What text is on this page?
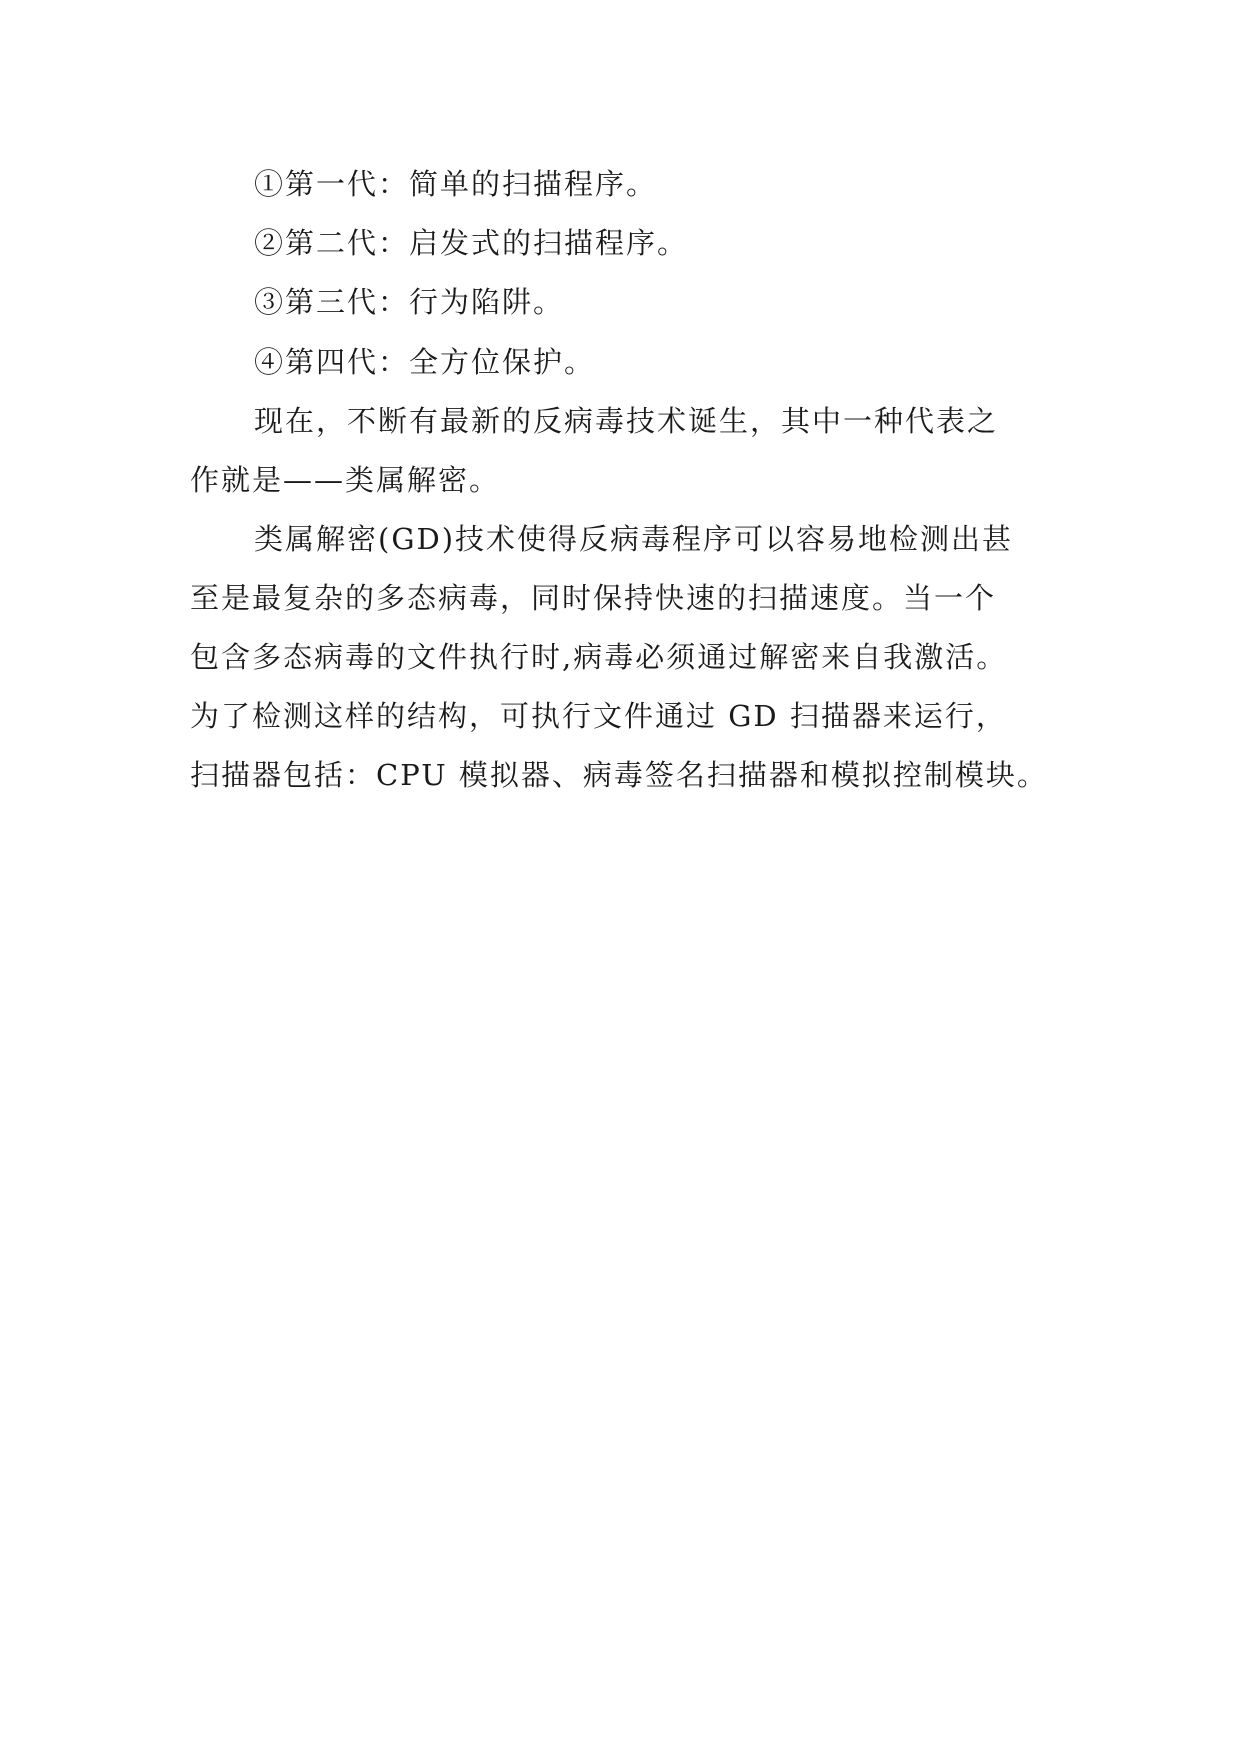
①第一代：简单的扫描程序。
②第二代：启发式的扫描程序。
③第三代：行为陷阱。
④第四代：全方位保护。
现在，不断有最新的反病毒技术诞生，其中一种代表之
作就是——类属解密。
类属解密(GD)技术使得反病毒程序可以容易地检测出甚
至是最复杂的多态病毒，同时保持快速的扫描速度。当一个
包含多态病毒的文件执行时,病毒必须通过解密来自我激活。
为了检测这样的结构，可执行文件通过 GD 扫描器来运行，
扫描器包括：CPU 模拟器、病毒签名扫描器和模拟控制模块。
